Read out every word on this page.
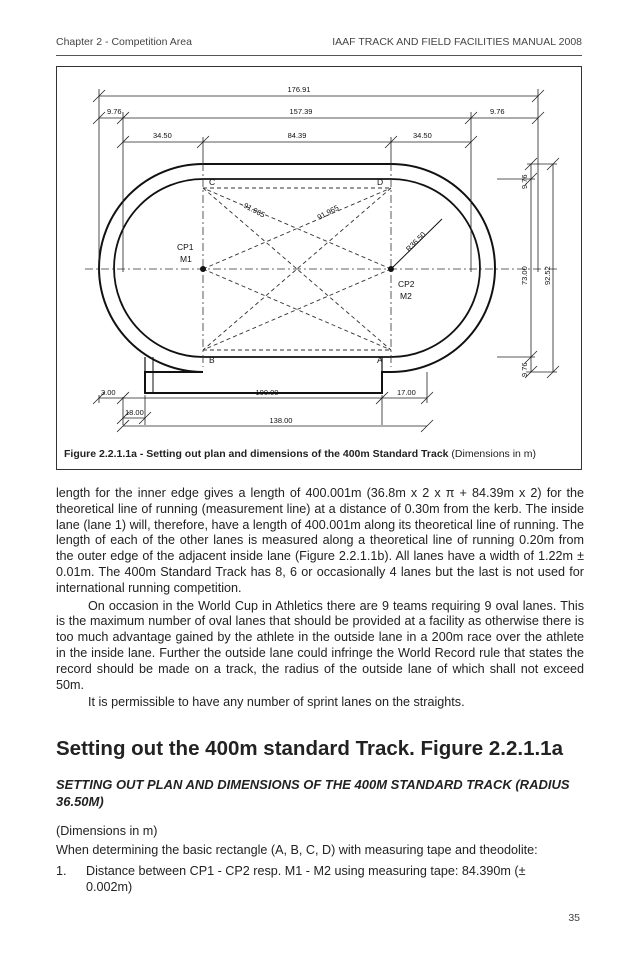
Chapter 2 - Competition Area	IAAF TRACK AND FIELD FACILITIES MANUAL 2008
176.91
9.76	157.39	9.76
34.50	84.39	34.50
91.965	91.965
R36.50
9.76
73.00 92.52
9.76
3.00	100.00	17.00
18.00
138.00
C	D
B	A
CP1
M1
CP2
M2
Figure 2.2.1.1a - Setting out plan and dimensions of the 400m Standard Track (Dimensions in m)

length for the inner edge gives a length of 400.001m (36.8m x 2 x π + 84.39m x 2) for the theoretical line of running (measurement line) at a distance of 0.30m from the kerb. The inside lane (lane 1) will, therefore, have a length of 400.001m along its theoretical line of running. The length of each of the other lanes is measured along a theoretical line of running 0.20m from the outer edge of the adjacent inside lane (Figure 2.2.1.1b). All lanes have a width of 1.22m ± 0.01m. The 400m Standard Track has 8, 6 or occasionally 4 lanes but the last is not used for international running competition.

On occasion in the World Cup in Athletics there are 9 teams requiring 9 oval lanes. This is the maximum number of oval lanes that should be provided at a facility as otherwise there is too much advantage gained by the athlete in the outside lane in a 200m race over the athlete in the inside lane. Further the outside lane could infringe the World Record rule that states the record should be made on a track, the radius of the outside lane of which shall not exceed 50m.

It is permissible to have any number of sprint lanes on the straights.

Setting out the 400m standard Track. Figure 2.2.1.1a
SETTING OUT PLAN AND DIMENSIONS OF THE 400M STANDARD TRACK (RADIUS 36.50M)
(Dimensions in m)
When determining the basic rectangle (A, B, C, D) with measuring tape and theodolite:
1. Distance between CP1 - CP2 resp. M1 - M2 using measuring tape: 84.390m (± 0.002m)
35
